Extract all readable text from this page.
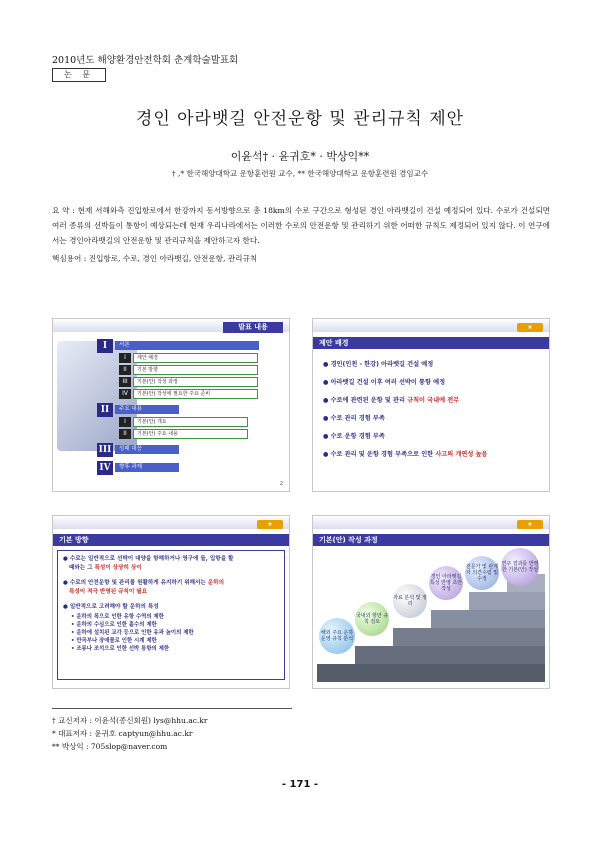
2010년도 해양환경안전학회 춘계학술발표회
논 문
경인 아라뱃길 안전운항 및 관리규칙 제안
이윤석† · 윤귀호* · 박상익**
† ,* 한국해양대학교 운항훈련원 교수, ** 한국해양대학교 운항훈련원 겸임교수
요 약 : 현재 서해와측 진입항로에서 한강까지 동서방향으로 총 18km의 수로 구간으로 형성된 경인 아라뱃길이 건설 예정되어 있다. 수로가 건설되면 여러 종류의 선박들이 통항이 예상되는데 현재 우리나라에서는 이러한 수로의 안전운항 및 관리하기 위한 어떠한 규칙도 제정되어 있지 않다. 이 연구에서는 경인아라뱃길의 안전운항 및 관리규칙을 제안하고자 한다.
핵심용어 : 진입항로, 수로, 경인 아라뱃길, 안전운항, 관리규칙
발표 내용
I	서론
I	제안 배경
II	기본 방향
III	기본(안) 작성 과정
IV	기본(안) 작성에 필요한 주요 준비
II	주요 내용
I	기본(안) 개요
II	기본(안) 주요 내용
III	성패 대응
IV	향후 과제
2
★
제안 배경
● 경인(인천 - 한강) 아라뱃길 건설 예정
● 아라뱃길 건설 이후 여러 선박이 통항 예정
● 수로에 관련된 운항 및 관리 규칙이 국내에 전무
● 수로 관리 경험 부족
● 수로 운항 경험 부족
● 수로 관리 및 운항 경험 부족으로 인한 사고의 개연성 높음
★
기본 방향
● 수로는 일반적으로 선박이 대양을 항해하거나 영구에 들, 입항을 할
때와는 그 특성이 상당히 상이
● 수로의 안전운항 및 관리를 원활하게 유지하기 위해서는 운하의
특성이 적극 반영된 규칙이 필요
● 일반적으로 고려해야 할 운하의 특성
• 운하의 폭으로 인한 유항 수역의 제한
• 운하의 수심으로 인한 흘수의 제한
• 운하에 설치된 교각 등으로 인한 유과 높이의 제한
• 만곡부나 장애물로 인한 시계 제한
• 조류나 조석으로 인한 선박 통항의 제한
★
기본(안) 작성 과정
해외 주요 운하 운영 규칙 분석
국내외 항만 규칙 검토
자료 분석 및 정리
경인 아라뱃길 특성 반영 초안 작성
전문가 및 관계자 의견수렴 및 수정
연구 결과를 반영한 기본(안) 작성
† 교신저자 : 이윤석(종신회원) lys@hhu.ac.kr
* 대표저자 : 윤귀호 captyun@hhu.ac.kr
** 박상익 : 705slop@naver.com
- 171 -
